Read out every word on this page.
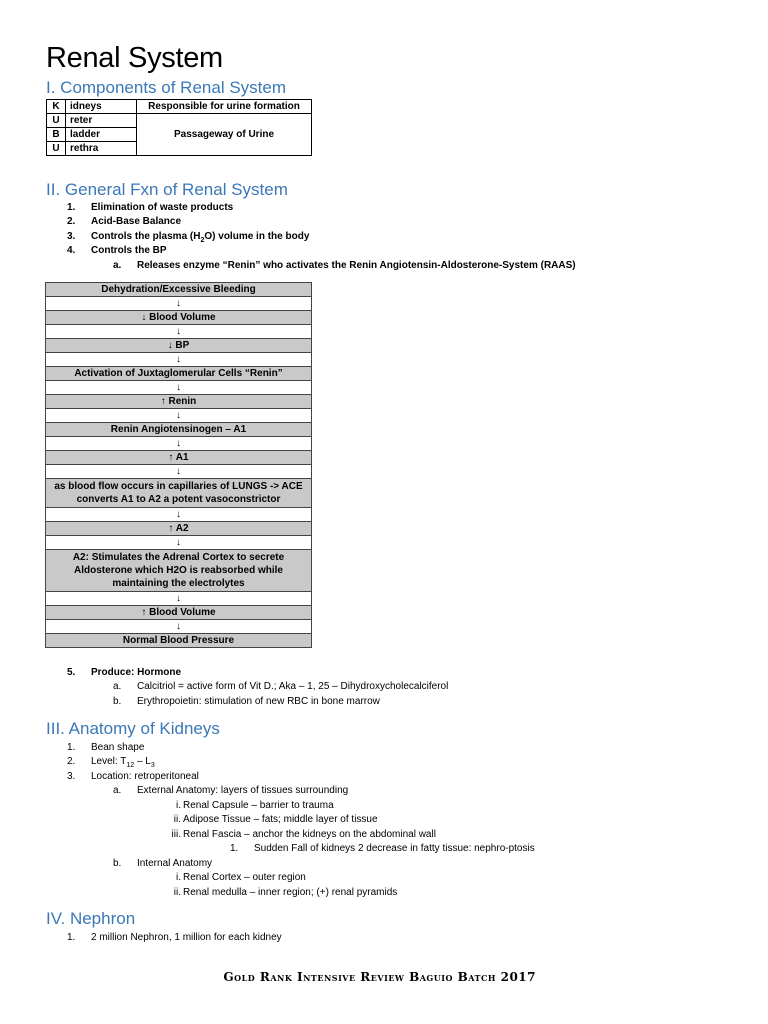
Renal System
I. Components of Renal System
K	idneys	Responsible for urine formation
U	reter	Passageway of Urine
B	ladder	
U	rethra	
II. General Fxn of Renal System
1. Elimination of waste products
2. Acid-Base Balance
3. Controls the plasma $(H_2O)$ volume in the body
4. Controls the BP
a. Releases enzyme “Renin” who activates the Renin Angiotensin-Aldosterone-System (RAAS)
Dehydration/Excessive Bleeding
↓
↓ Blood Volume
↓
↓ BP
↓
Activation of Juxtaglomerular Cells “Renin”
↓
↑ Renin
↓
Renin Angiotensinogen – A1
↓
↑ A1
↓
as blood flow occurs in capillaries of LUNGS -> ACE converts A1 to A2 a potent vasoconstrictor
↓
↑ A2
↓
A2: Stimulates the Adrenal Cortex to secrete Aldosterone which H2O is reabsorbed while maintaining the electrolytes
↓
↑ Blood Volume
↓
Normal Blood Pressure
5. Produce: Hormone
a. Calcitriol = active form of Vit D.; Aka – 1, 25 – Dihydroxycholecalciferol
b. Erythropoietin: stimulation of new RBC in bone marrow
III. Anatomy of Kidneys
1. Bean shape
2. Level: $T_{12} - L_3$
3. Location: retroperitoneal
a. External Anatomy: layers of tissues surrounding
i. Renal Capsule – barrier to trauma
ii. Adipose Tissue – fats; middle layer of tissue
iii. Renal Fascia – anchor the kidneys on the abdominal wall
1. Sudden Fall of kidneys 2 decrease in fatty tissue: nephro-ptosis
b. Internal Anatomy
i. Renal Cortex – outer region
ii. Renal medulla – inner region; (+) renal pyramids
IV. Nephron
1. 2 million Nephron, 1 million for each kidney
Gold Rank Intensive Review Baguio Batch 2017
